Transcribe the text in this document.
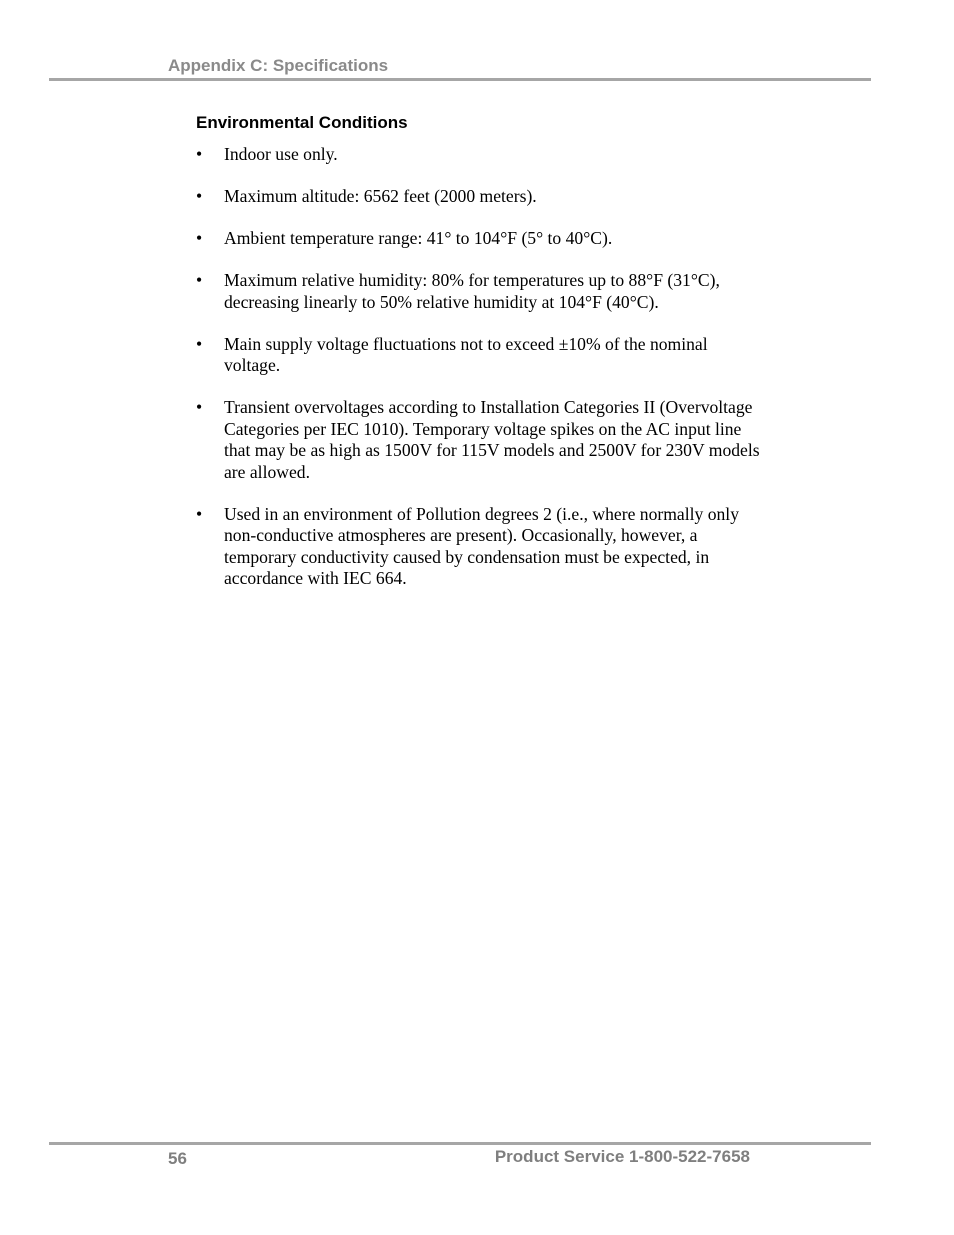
Appendix C: Specifications
Environmental Conditions
•	Indoor use only.
•	Maximum altitude: 6562 feet (2000 meters).
•	Ambient temperature range: 41° to 104°F (5° to 40°C).
•	Maximum relative humidity: 80% for temperatures up to 88°F (31°C), decreasing linearly to 50% relative humidity at 104°F (40°C).
•	Main supply voltage fluctuations not to exceed ±10% of the nominal voltage.
•	Transient overvoltages according to Installation Categories II (Overvoltage Categories per IEC 1010). Temporary voltage spikes on the AC input line that may be as high as 1500V for 115V models and 2500V for 230V models are allowed.
•	Used in an environment of Pollution degrees 2 (i.e., where normally only non-conductive atmospheres are present). Occasionally, however, a temporary conductivity caused by condensation must be expected, in accordance with IEC 664.
56	Product Service 1-800-522-7658
